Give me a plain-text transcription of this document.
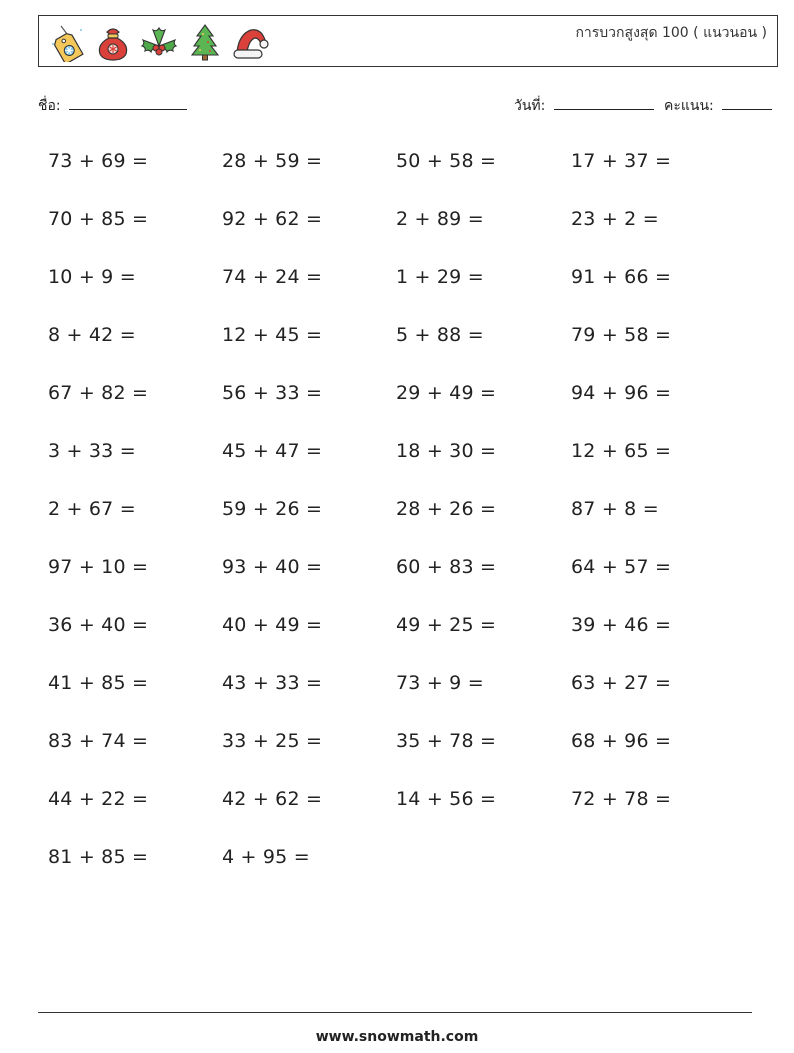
การบวกสูงสุด 100 ( แนวนอน )
ชื่อ:	วันที่:	คะแนน:
73 + 69 =	28 + 59 =	50 + 58 =	17 + 37 =
70 + 85 =	92 + 62 =	2 + 89 =	23 + 2 =
10 + 9 =	74 + 24 =	1 + 29 =	91 + 66 =
8 + 42 =	12 + 45 =	5 + 88 =	79 + 58 =
67 + 82 =	56 + 33 =	29 + 49 =	94 + 96 =
3 + 33 =	45 + 47 =	18 + 30 =	12 + 65 =
2 + 67 =	59 + 26 =	28 + 26 =	87 + 8 =
97 + 10 =	93 + 40 =	60 + 83 =	64 + 57 =
36 + 40 =	40 + 49 =	49 + 25 =	39 + 46 =
41 + 85 =	43 + 33 =	73 + 9 =	63 + 27 =
83 + 74 =	33 + 25 =	35 + 78 =	68 + 96 =
44 + 22 =	42 + 62 =	14 + 56 =	72 + 78 =
81 + 85 =	4 + 95 =
www.snowmath.com
